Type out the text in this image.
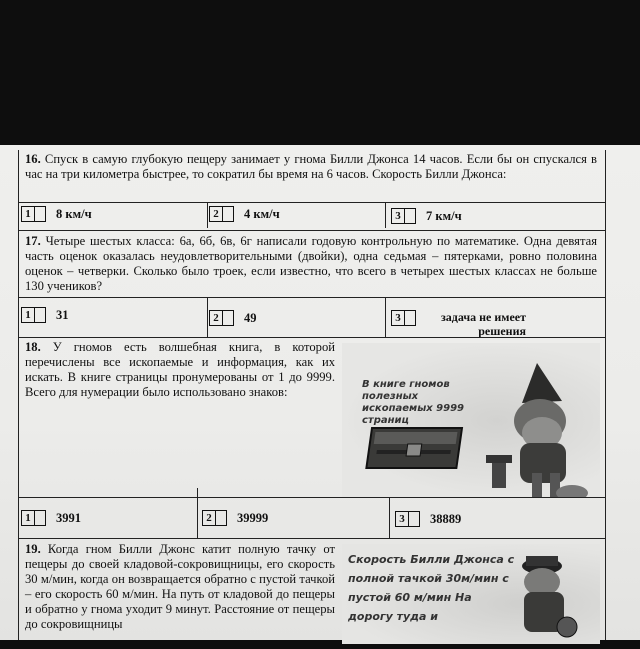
16. Спуск в самую глубокую пещеру занимает у гнома Билли Джонса 14 часов. Если бы он спускался в час на три километра быстрее, то сократил бы время на 6 часов. Скорость Билли Джонса:
1	8 км/ч	2	4 км/ч	3	7 км/ч
17. Четыре шестых класса: 6а, 6б, 6в, 6г написали годовую контрольную по математике. Одна девятая часть оценок оказалась неудовлетворительными (двойки), одна седьмая – пятерками, ровно половина оценок – четверки. Сколько было троек, если известно, что всего в четырех шестых классах не больше 130 учеников?
1	31	2	49	3	задача не имеет решения
18. У гномов есть волшебная книга, в которой перечислены все ископаемые и информация, как их искать. В книге страницы пронумерованы от 1 до 9999. Всего для нумерации было использовано знаков:
В книге гномов полезных ископаемых 9999 страниц
1	3991	2	39999	3	38889
19. Когда гном Билли Джонс катит полную тачку от пещеры до своей кладовой-сокровищницы, его скорость 30 м/мин, когда он возвращается обратно с пустой тачкой – его скорость 60 м/мин. На путь от кладовой до пещеры и обратно у гнома уходит 9 минут. Расстояние от пещеры до сокровищницы
Скорость Билли Джонса с полной тачкой 30м/мин с пустой 60 м/мин На дорогу туда и
